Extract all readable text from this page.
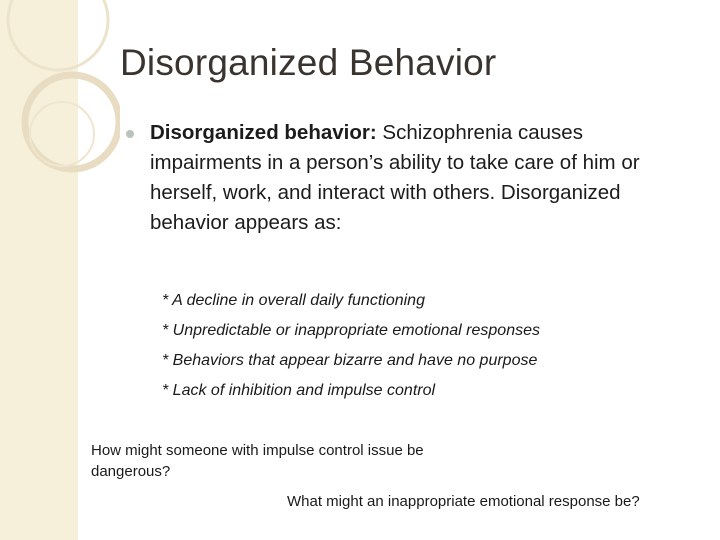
Disorganized Behavior
Disorganized behavior: Schizophrenia causes impairments in a person’s ability to take care of him or herself, work, and interact with others. Disorganized behavior appears as:
* A decline in overall daily functioning
* Unpredictable or inappropriate emotional responses
* Behaviors that appear bizarre and have no purpose
* Lack of inhibition and impulse control
How might someone with impulse control issue be dangerous?
What might an inappropriate emotional response be?
